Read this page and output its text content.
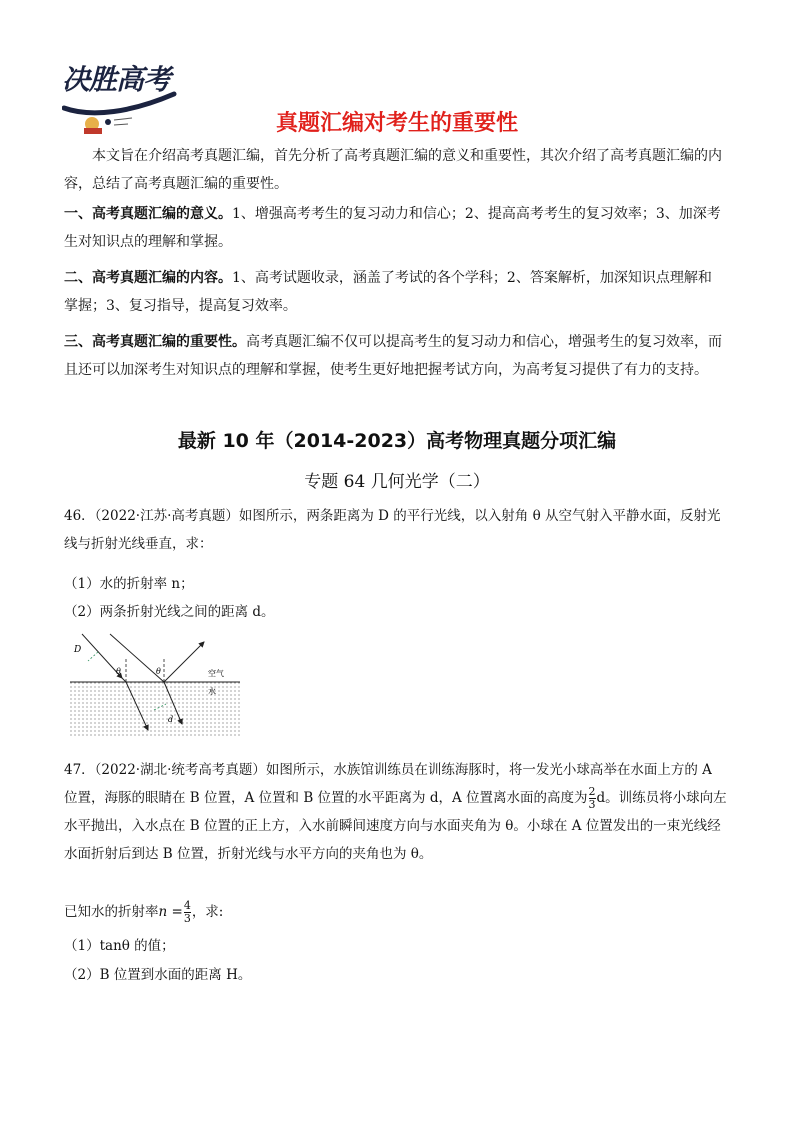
决胜高考
真题汇编对考生的重要性

本文旨在介绍高考真题汇编，首先分析了高考真题汇编的意义和重要性，其次介绍了高考真题汇编的内容，总结了高考真题汇编的重要性。

一、高考真题汇编的意义。1、增强高考考生的复习动力和信心；2、提高高考考生的复习效率；3、加深考生对知识点的理解和掌握。

二、高考真题汇编的内容。1、高考试题收录，涵盖了考试的各个学科；2、答案解析，加深知识点理解和掌握；3、复习指导，提高复习效率。

三、高考真题汇编的重要性。高考真题汇编不仅可以提高考生的复习动力和信心，增强考生的复习效率，而且还可以加深考生对知识点的理解和掌握，使考生更好地把握考试方向，为高考复习提供了有力的支持。

最新 10 年（2014-2023）高考物理真题分项汇编
专题 64 几何光学（二）

46．（2022·江苏·高考真题）如图所示，两条距离为 D 的平行光线，以入射角 θ 从空气射入平静水面，反射光线与折射光线垂直，求：

（1）水的折射率 n；
（2）两条折射光线之间的距离 d。
D
θ	θ	空气
水
d

47．（2022·湖北·统考高考真题）如图所示，水族馆训练员在训练海豚时，将一发光小球高举在水面上方的 A 位置，海豚的眼睛在 B 位置，A 位置和 B 位置的水平距离为 d，A 位置离水面的高度为 $\frac{2}{3}$ d。训练员将小球向左水平抛出，入水点在 B 位置的正上方，入水前瞬间速度方向与水面夹角为 θ。小球在 A 位置发出的一束光线经水面折射后到达 B 位置，折射光线与水平方向的夹角也为 θ。

已知水的折射率$n = \frac{4}{3}$ ，求:
（1）tanθ 的值；
（2）B 位置到水面的距离 H。
